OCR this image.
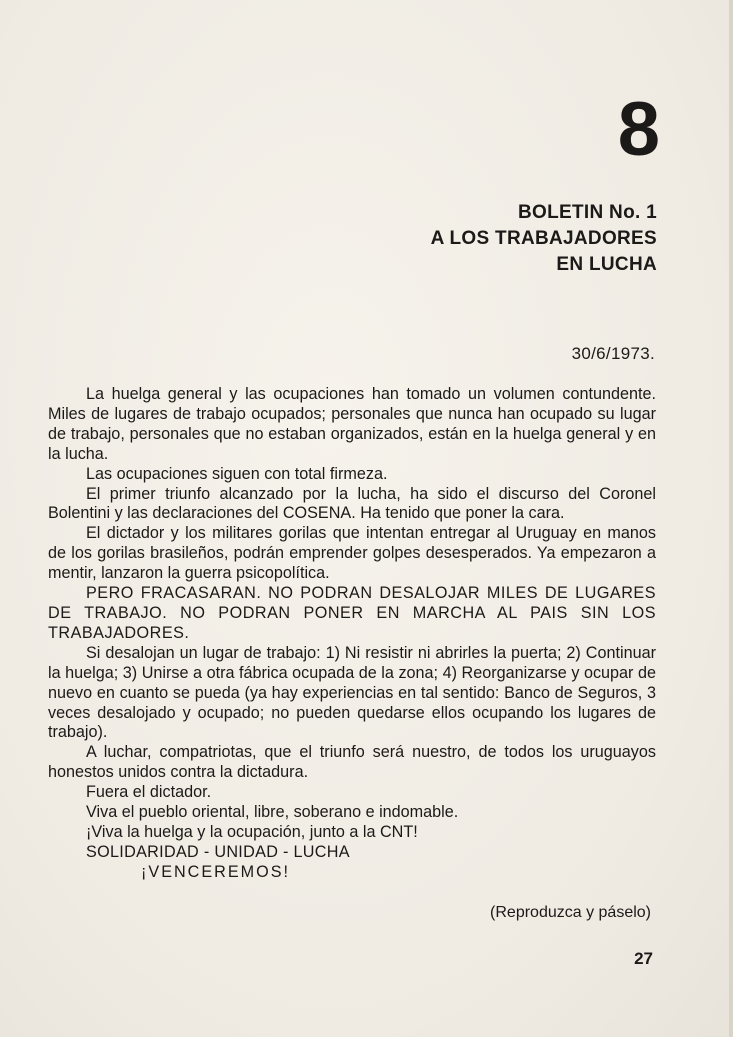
8
BOLETIN No. 1
A LOS TRABAJADORES
EN LUCHA
30/6/1973.

La huelga general y las ocupaciones han tomado un volumen contundente. Miles de lugares de trabajo ocupados; personales que nunca han ocupado su lugar de trabajo, personales que no estaban organizados, están en la huelga general y en la lucha.

Las ocupaciones siguen con total firmeza.

El primer triunfo alcanzado por la lucha, ha sido el discurso del Coronel Bolentini y las declaraciones del COSENA. Ha tenido que poner la cara.

El dictador y los militares gorilas que intentan entregar al Uruguay en manos de los gorilas brasileños, podrán emprender golpes desesperados. Ya empezaron a mentir, lanzaron la guerra psicopolítica.

PERO FRACASARAN. NO PODRAN DESALOJAR MILES DE LUGARES DE TRABAJO. NO PODRAN PONER EN MARCHA AL PAIS SIN LOS TRABAJADORES.

Si desalojan un lugar de trabajo: 1) Ni resistir ni abrirles la puerta; 2) Continuar la huelga; 3) Unirse a otra fábrica ocupada de la zona; 4) Reorganizarse y ocupar de nuevo en cuanto se pueda (ya hay experiencias en tal sentido: Banco de Seguros, 3 veces desalojado y ocupado; no pueden quedarse ellos ocupando los lugares de trabajo).

A luchar, compatriotas, que el triunfo será nuestro, de todos los uruguayos honestos unidos contra la dictadura.

Fuera el dictador.

Viva el pueblo oriental, libre, soberano e indomable.

¡Viva la huelga y la ocupación, junto a la CNT!

SOLIDARIDAD - UNIDAD - LUCHA

¡VENCEREMOS!

(Reproduzca y páselo)
27
